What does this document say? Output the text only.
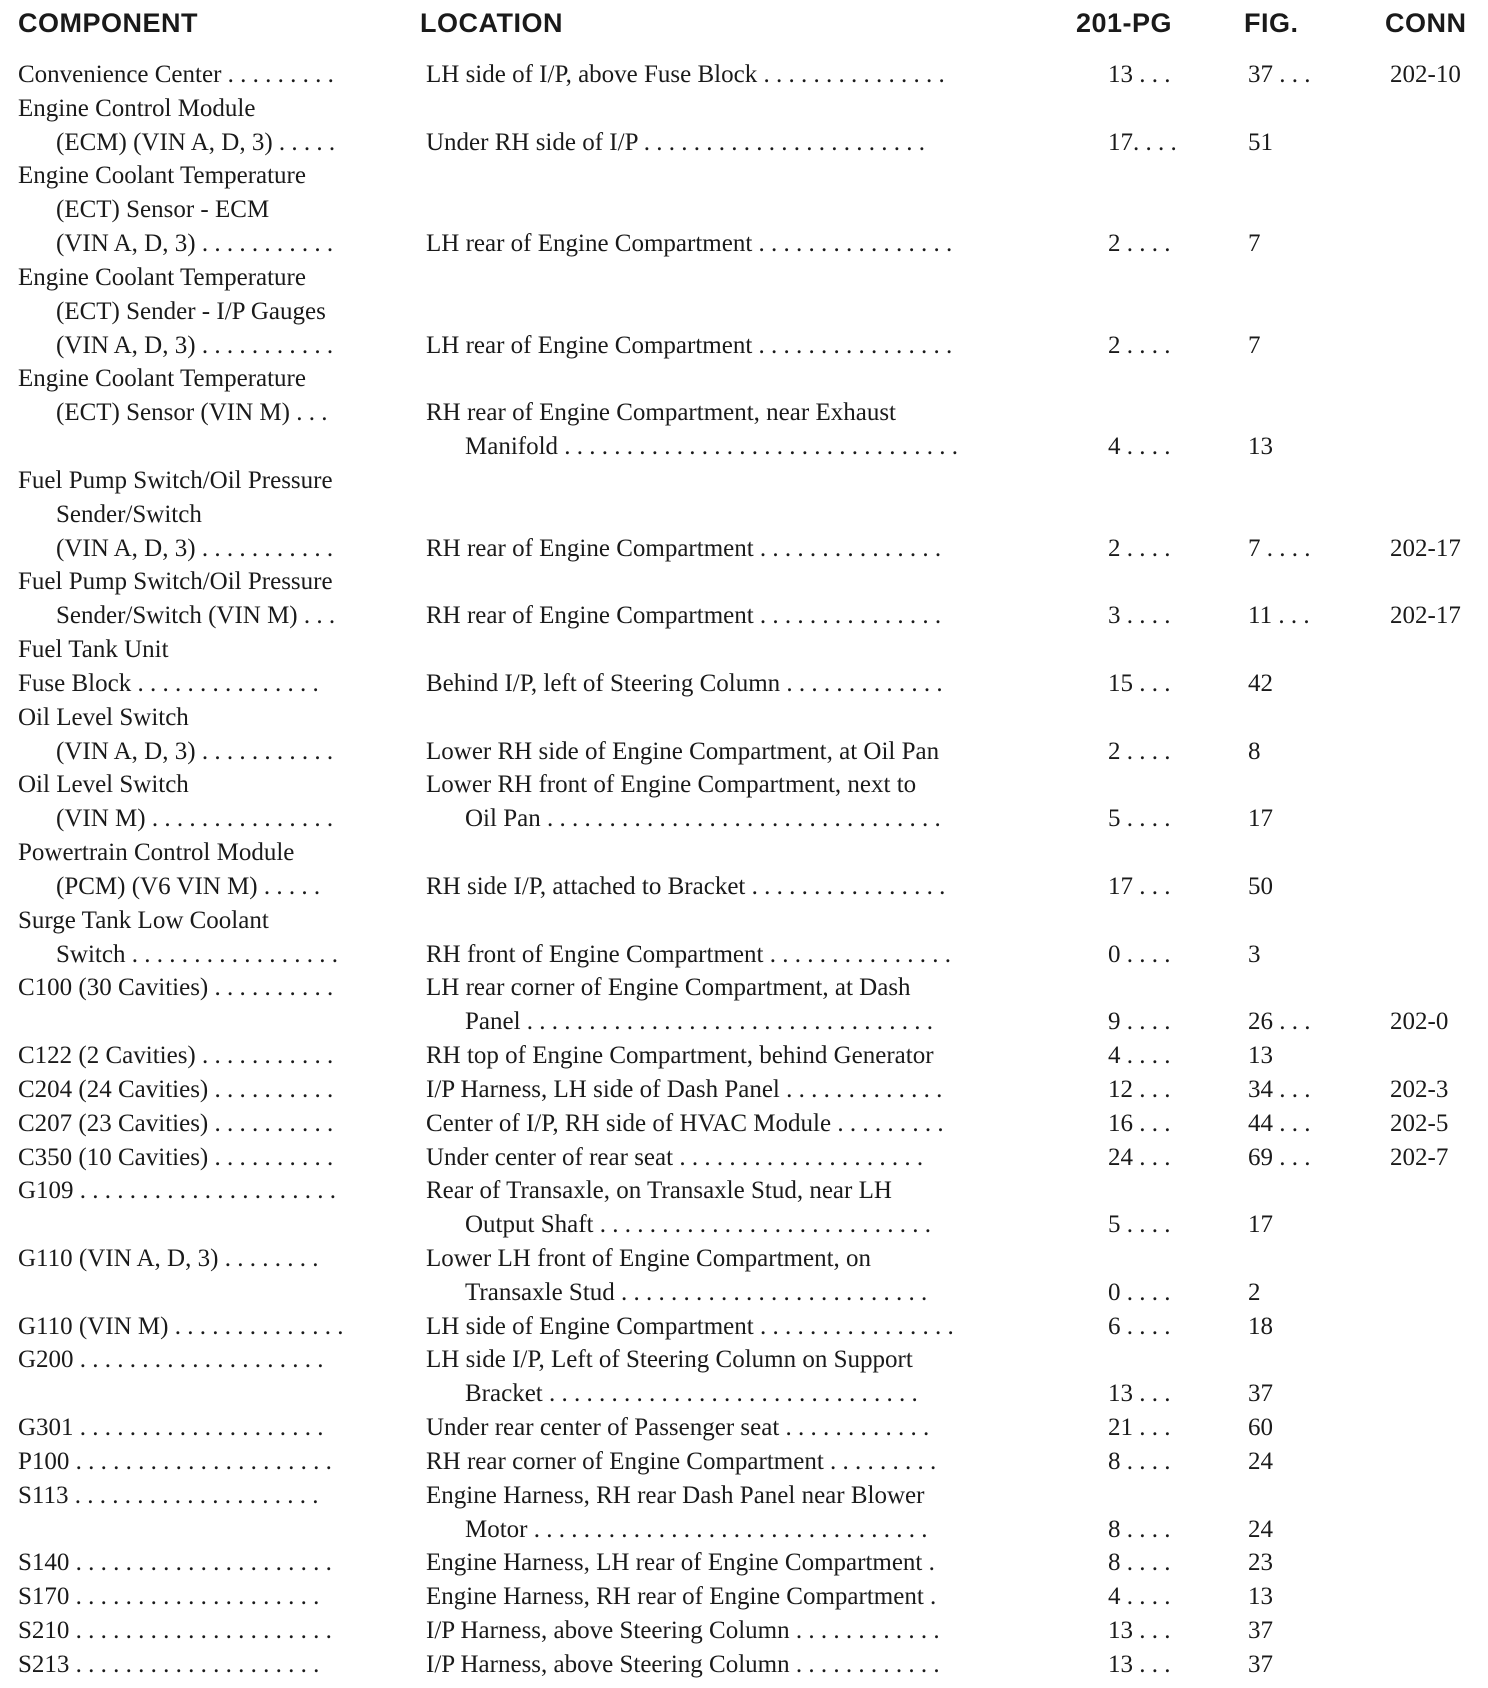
COMPONENT	LOCATION	201-PG	FIG.	CONN
Convenience Center . . . . . . . . .	LH side of I/P, above Fuse Block . . . . . . . . . . . . . . .	13 . . .	37 . . .	202-10
Engine Control Module
(ECM) (VIN A, D, 3) . . . . .	Under RH side of I/P . . . . . . . . . . . . . . . . . . . . . . .	17. . . .	51
Engine Coolant Temperature
(ECT) Sensor - ECM
(VIN A, D, 3) . . . . . . . . . . .	LH rear of Engine Compartment . . . . . . . . . . . . . . . .	2 . . . .	7
Engine Coolant Temperature
(ECT) Sender - I/P Gauges
(VIN A, D, 3) . . . . . . . . . . .	LH rear of Engine Compartment . . . . . . . . . . . . . . . .	2 . . . .	7
Engine Coolant Temperature
(ECT) Sensor (VIN M) . . .	RH rear of Engine Compartment, near Exhaust
Manifold . . . . . . . . . . . . . . . . . . . . . . . . . . . . . . . .	4 . . . .	13
Fuel Pump Switch/Oil Pressure
Sender/Switch
(VIN A, D, 3) . . . . . . . . . . .	RH rear of Engine Compartment . . . . . . . . . . . . . . .	2 . . . .	7 . . . .	202-17
Fuel Pump Switch/Oil Pressure
Sender/Switch (VIN M) . . .	RH rear of Engine Compartment . . . . . . . . . . . . . . .	3 . . . .	11 . . .	202-17
Fuel Tank Unit
Fuse Block . . . . . . . . . . . . . . .	Behind I/P, left of Steering Column . . . . . . . . . . . . .	15 . . .	42
Oil Level Switch
(VIN A, D, 3) . . . . . . . . . . .	Lower RH side of Engine Compartment, at Oil Pan	2 . . . .	8
Oil Level Switch	Lower RH front of Engine Compartment, next to
(VIN M) . . . . . . . . . . . . . . .	Oil Pan . . . . . . . . . . . . . . . . . . . . . . . . . . . . . . . .	5 . . . .	17
Powertrain Control Module
(PCM) (V6 VIN M) . . . . .	RH side I/P, attached to Bracket . . . . . . . . . . . . . . . .	17 . . .	50
Surge Tank Low Coolant
Switch . . . . . . . . . . . . . . . . .	RH front of Engine Compartment . . . . . . . . . . . . . . .	0 . . . .	3
C100 (30 Cavities) . . . . . . . . . .	LH rear corner of Engine Compartment, at Dash
Panel . . . . . . . . . . . . . . . . . . . . . . . . . . . . . . . . .	9 . . . .	26 . . .	202-0
C122 (2 Cavities) . . . . . . . . . . .	RH top of Engine Compartment, behind Generator	4 . . . .	13
C204 (24 Cavities) . . . . . . . . . .	I/P Harness, LH side of Dash Panel . . . . . . . . . . . . .	12 . . .	34 . . .	202-3
C207 (23 Cavities) . . . . . . . . . .	Center of I/P, RH side of HVAC Module . . . . . . . . .	16 . . .	44 . . .	202-5
C350 (10 Cavities) . . . . . . . . . .	Under center of rear seat . . . . . . . . . . . . . . . . . . . .	24 . . .	69 . . .	202-7
G109 . . . . . . . . . . . . . . . . . . . . .	Rear of Transaxle, on Transaxle Stud, near LH
Output Shaft . . . . . . . . . . . . . . . . . . . . . . . . . . .	5 . . . .	17
G110 (VIN A, D, 3) . . . . . . . .	Lower LH front of Engine Compartment, on
Transaxle Stud . . . . . . . . . . . . . . . . . . . . . . . . .	0 . . . .	2
G110 (VIN M) . . . . . . . . . . . . . .	LH side of Engine Compartment . . . . . . . . . . . . . . . .	6 . . . .	18
G200 . . . . . . . . . . . . . . . . . . . .	LH side I/P, Left of Steering Column on Support
Bracket . . . . . . . . . . . . . . . . . . . . . . . . . . . . . .	13 . . .	37
G301 . . . . . . . . . . . . . . . . . . . .	Under rear center of Passenger seat . . . . . . . . . . . .	21 . . .	60
P100 . . . . . . . . . . . . . . . . . . . . .	RH rear corner of Engine Compartment . . . . . . . . .	8 . . . .	24
S113 . . . . . . . . . . . . . . . . . . . .	Engine Harness, RH rear Dash Panel near Blower
Motor . . . . . . . . . . . . . . . . . . . . . . . . . . . . . . . .	8 . . . .	24
S140 . . . . . . . . . . . . . . . . . . . . .	Engine Harness, LH rear of Engine Compartment .	8 . . . .	23
S170 . . . . . . . . . . . . . . . . . . . .	Engine Harness, RH rear of Engine Compartment .	4 . . . .	13
S210 . . . . . . . . . . . . . . . . . . . . .	I/P Harness, above Steering Column . . . . . . . . . . . .	13 . . .	37
S213 . . . . . . . . . . . . . . . . . . . .	I/P Harness, above Steering Column . . . . . . . . . . . .	13 . . .	37
